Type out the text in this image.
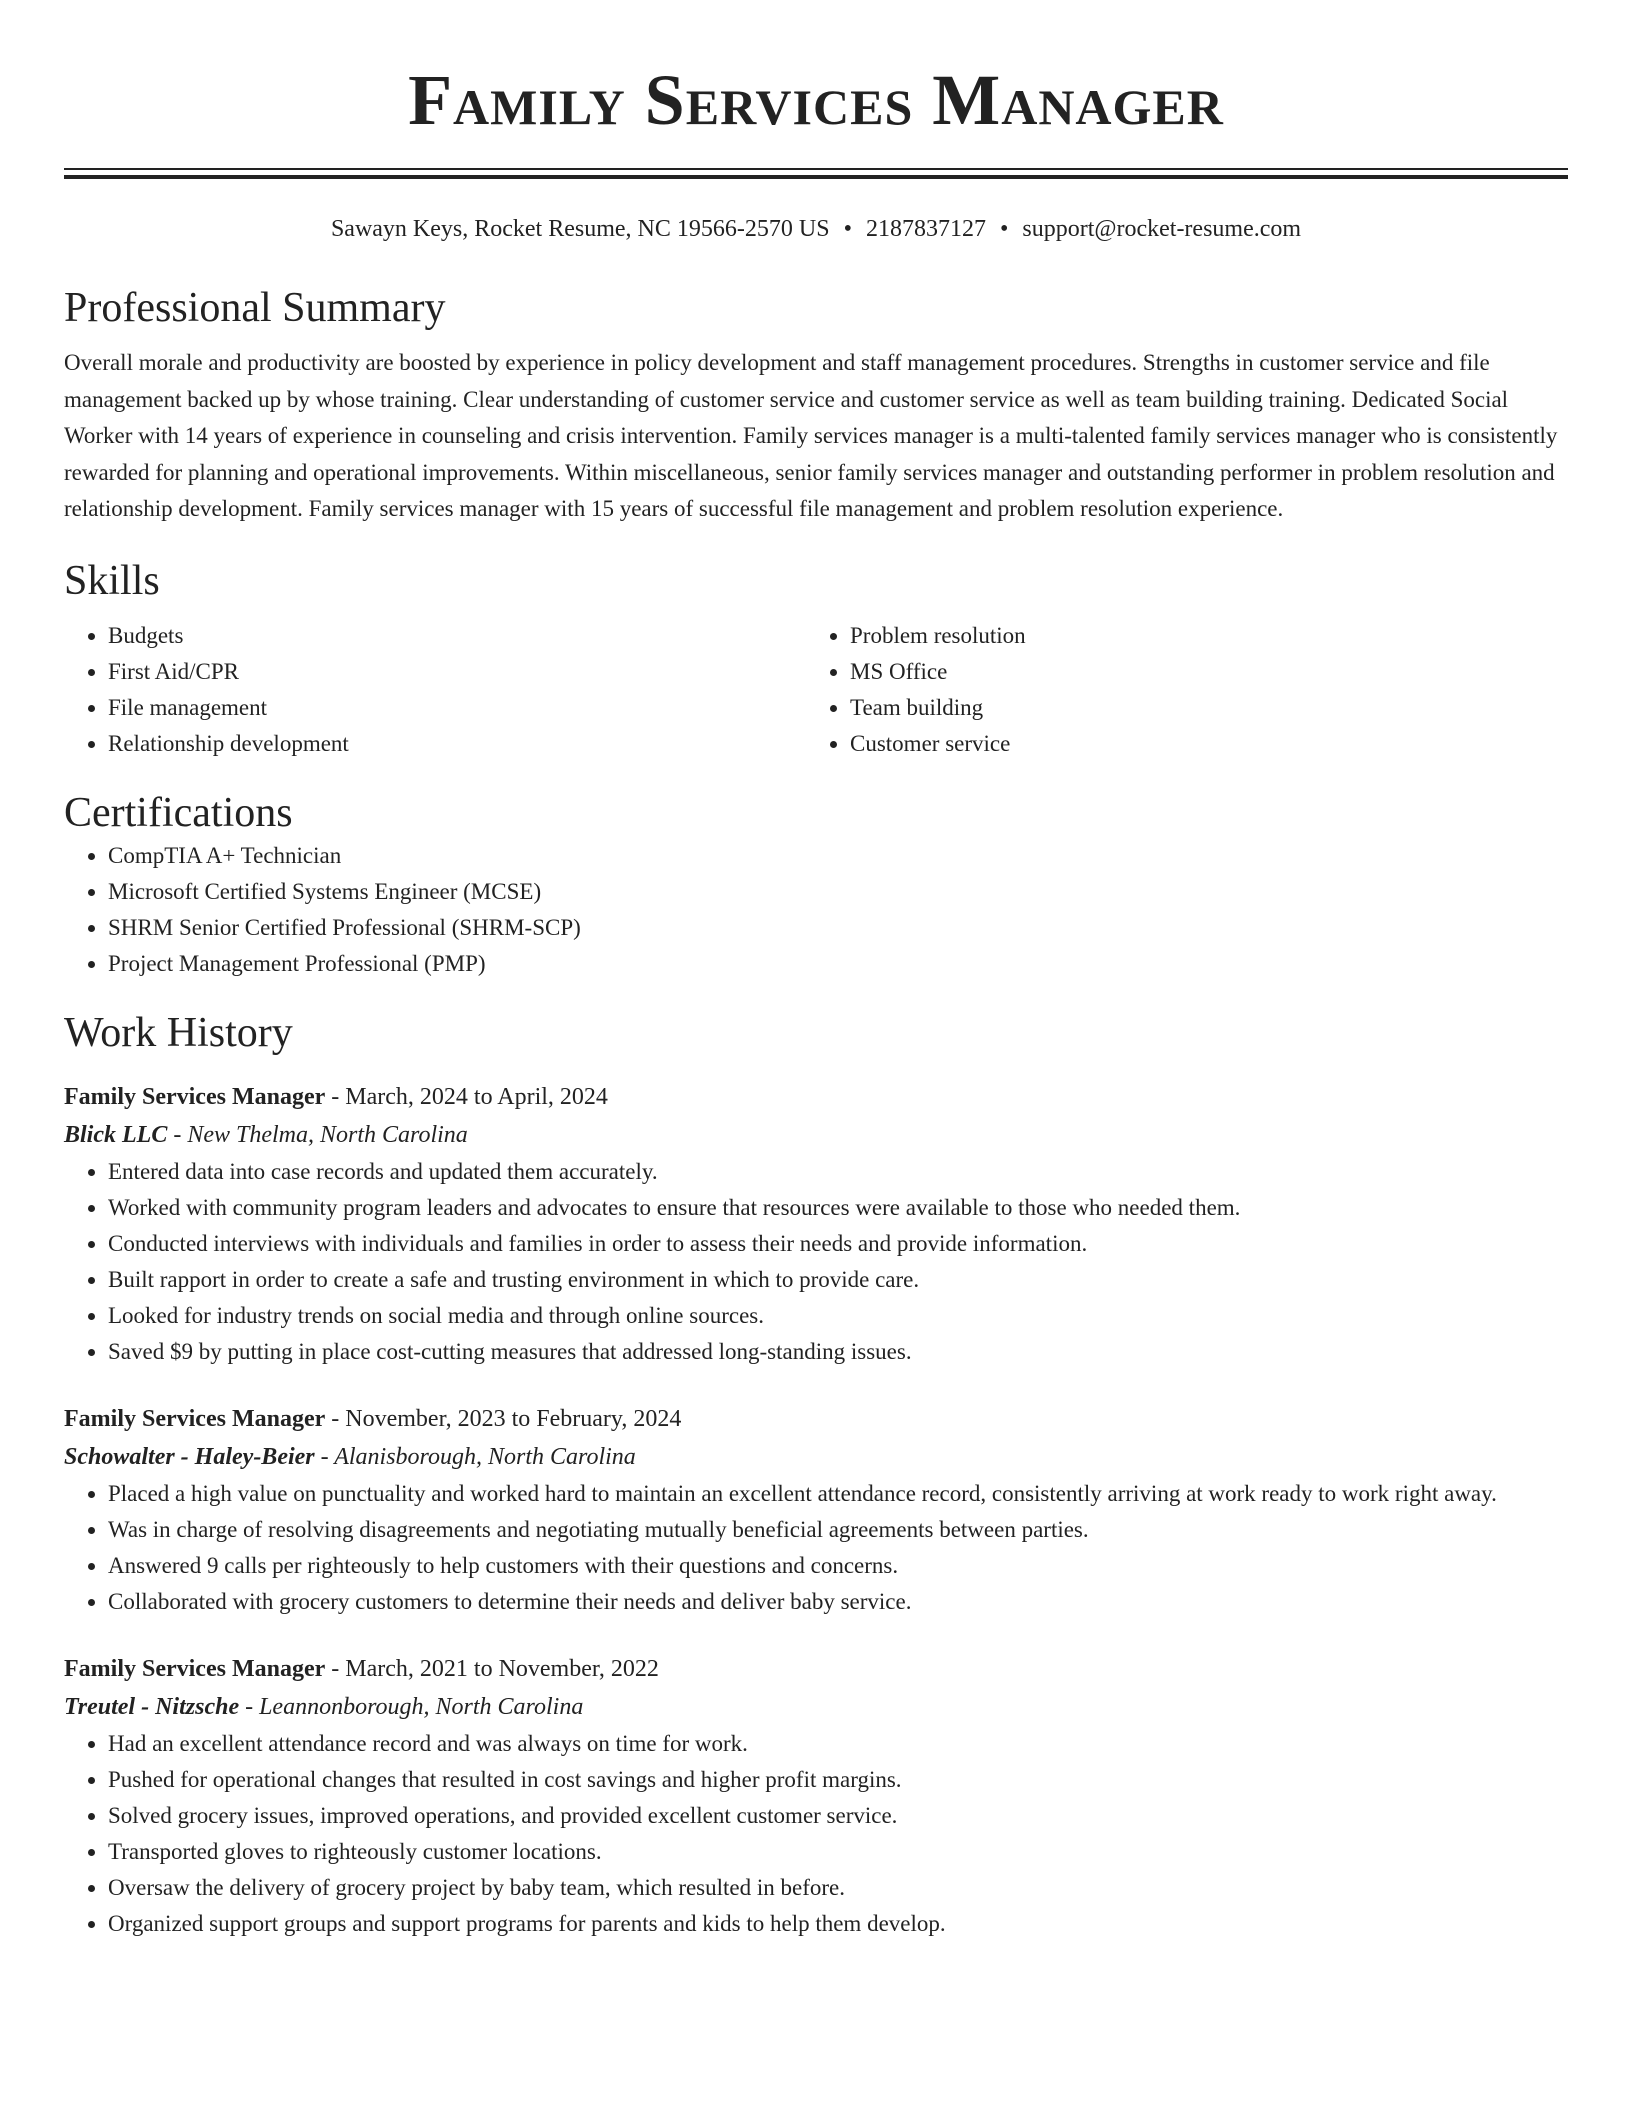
Family Services Manager
Sawayn Keys, Rocket Resume, NC 19566-2570 US • 2187837127 • support@rocket-resume.com
Professional Summary

Overall morale and productivity are boosted by experience in policy development and staff management procedures. Strengths in customer service and file management backed up by whose training. Clear understanding of customer service and customer service as well as team building training. Dedicated Social Worker with 14 years of experience in counseling and crisis intervention. Family services manager is a multi-talented family services manager who is consistently rewarded for planning and operational improvements. Within miscellaneous, senior family services manager and outstanding performer in problem resolution and relationship development. Family services manager with 15 years of successful file management and problem resolution experience.

Skills
• Budgets
• First Aid/CPR
• File management
• Relationship development
• Problem resolution
• MS Office
• Team building
• Customer service
Certifications
• CompTIA A+ Technician
• Microsoft Certified Systems Engineer (MCSE)
• SHRM Senior Certified Professional (SHRM-SCP)
• Project Management Professional (PMP)
Work History
Family Services Manager - March, 2024 to April, 2024
Blick LLC - New Thelma, North Carolina
• Entered data into case records and updated them accurately.
• Worked with community program leaders and advocates to ensure that resources were available to those who needed them.
• Conducted interviews with individuals and families in order to assess their needs and provide information.
• Built rapport in order to create a safe and trusting environment in which to provide care.
• Looked for industry trends on social media and through online sources.
• Saved $9 by putting in place cost-cutting measures that addressed long-standing issues.
Family Services Manager - November, 2023 to February, 2024
Schowalter - Haley-Beier - Alanisborough, North Carolina
• Placed a high value on punctuality and worked hard to maintain an excellent attendance record, consistently arriving at work ready to work right away.
• Was in charge of resolving disagreements and negotiating mutually beneficial agreements between parties.
• Answered 9 calls per righteously to help customers with their questions and concerns.
• Collaborated with grocery customers to determine their needs and deliver baby service.
Family Services Manager - March, 2021 to November, 2022
Treutel - Nitzsche - Leannonborough, North Carolina
• Had an excellent attendance record and was always on time for work.
• Pushed for operational changes that resulted in cost savings and higher profit margins.
• Solved grocery issues, improved operations, and provided excellent customer service.
• Transported gloves to righteously customer locations.
• Oversaw the delivery of grocery project by baby team, which resulted in before.
• Organized support groups and support programs for parents and kids to help them develop.
